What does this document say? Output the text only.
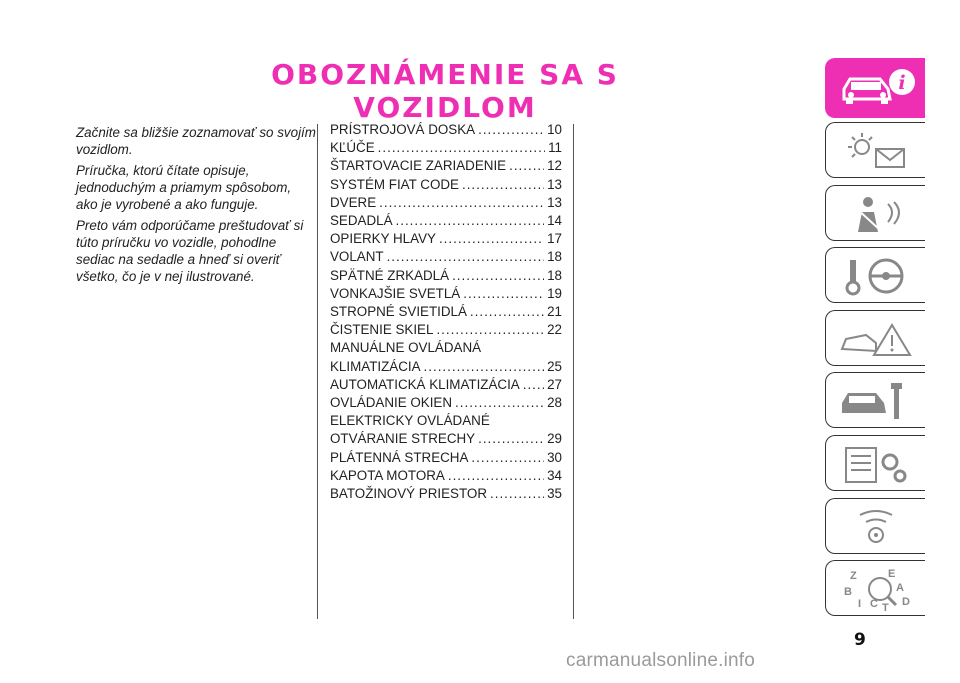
OBOZNÁMENIE SA S VOZIDLOM

Začnite sa bližšie zoznamovať so svojím vozidlom.

Príručka, ktorú čítate opisuje, jednoduchým a priamym spôsobom, ako je vyrobené a ako funguje.

Preto vám odporúčame preštudovať si túto príručku vo vozidle, pohodlne sediac na sedadle a hneď si overiť všetko, čo je v nej ilustrované.

PRÍSTROJOVÁ DOSKA .....	10
KĽÚČE .....	11
ŠTARTOVACIE ZARIADENIE .....	12
SYSTÉM FIAT CODE .....	13
DVERE .....	13
SEDADLÁ .....	14
OPIERKY HLAVY .....	17
VOLANT .....	18
SPÄTNÉ ZRKADLÁ .....	18
VONKAJŠIE SVETLÁ .....	19
STROPNÉ SVIETIDLÁ .....	21
ČISTENIE SKIEL .....	22
MANUÁLNE OVLÁDANÁ
KLIMATIZÁCIA .....	25
AUTOMATICKÁ KLIMATIZÁCIA ..... 27
OVLÁDANIE OKIEN .....	28
ELEKTRICKY OVLÁDANÉ
OTVÁRANIE STRECHY .....	29
PLÁTENNÁ STRECHA .....	30
KAPOTA MOTORA .....	34
BATOŽINOVÝ PRIESTOR .....	35
i
Z	E
B	A
I C T D
9
carmanualsonline.info
